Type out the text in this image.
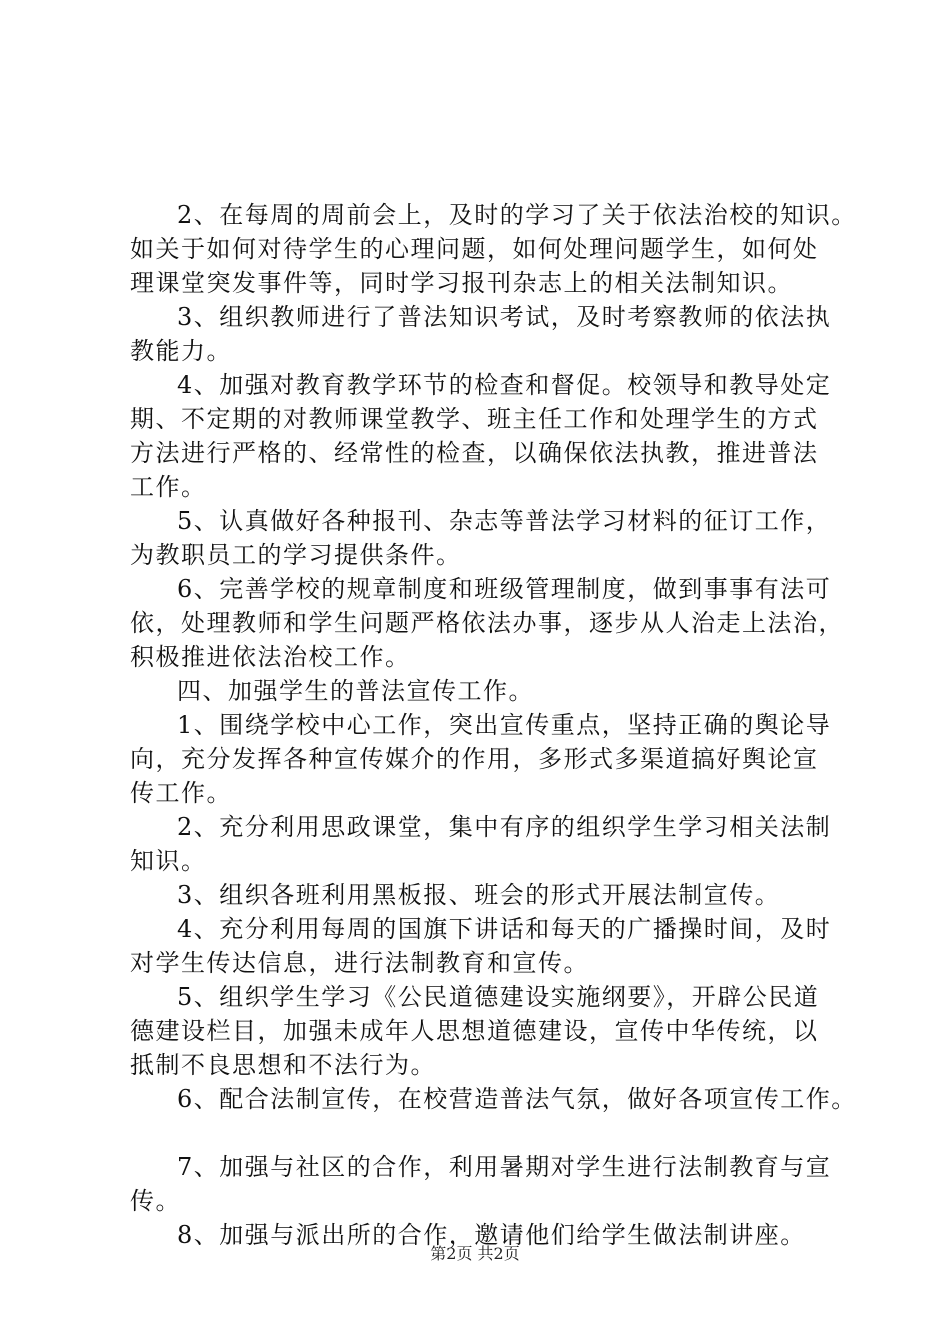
2、在每周的周前会上，及时的学习了关于依法治校的知识。
如关于如何对待学生的心理问题，如何处理问题学生，如何处
理课堂突发事件等，同时学习报刊杂志上的相关法制知识。
3、组织教师进行了普法知识考试，及时考察教师的依法执
教能力。
4、加强对教育教学环节的检查和督促。校领导和教导处定
期、不定期的对教师课堂教学、班主任工作和处理学生的方式
方法进行严格的、经常性的检查，以确保依法执教，推进普法
工作。
5、认真做好各种报刊、杂志等普法学习材料的征订工作，
为教职员工的学习提供条件。
6、完善学校的规章制度和班级管理制度，做到事事有法可
依，处理教师和学生问题严格依法办事，逐步从人治走上法治，
积极推进依法治校工作。
四、加强学生的普法宣传工作。
1、围绕学校中心工作，突出宣传重点，坚持正确的舆论导
向，充分发挥各种宣传媒介的作用，多形式多渠道搞好舆论宣
传工作。
2、充分利用思政课堂，集中有序的组织学生学习相关法制
知识。
3、组织各班利用黑板报、班会的形式开展法制宣传。
4、充分利用每周的国旗下讲话和每天的广播操时间，及时
对学生传达信息，进行法制教育和宣传。
5、组织学生学习《公民道德建设实施纲要》，开辟公民道
德建设栏目，加强未成年人思想道德建设，宣传中华传统，以
抵制不良思想和不法行为。
6、配合法制宣传，在校营造普法气氛，做好各项宣传工作。
7、加强与社区的合作，利用暑期对学生进行法制教育与宣
传。
8、加强与派出所的合作，邀请他们给学生做法制讲座。
第2页 共2页
